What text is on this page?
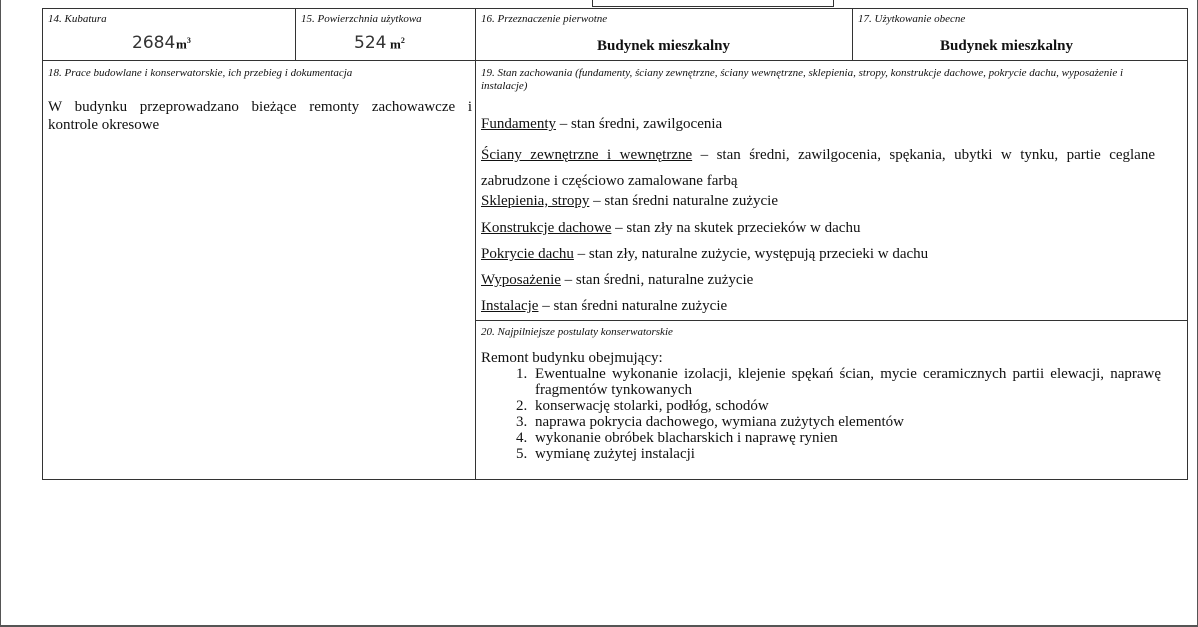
14. Kubatura
2684 $m^3$
15. Powierzchnia użytkowa
524 $m^2$
16. Przeznaczenie pierwotne
Budynek mieszkalny
17. Użytkowanie obecne
Budynek mieszkalny
18. Prace budowlane i konserwatorskie, ich przebieg i dokumentacja
W budynku przeprowadzano bieżące remonty zachowawcze i kontrole okresowe
19. Stan zachowania (fundamenty, ściany zewnętrzne, ściany wewnętrzne, sklepienia, stropy, konstrukcje dachowe, pokrycie dachu, wyposażenie i instalacje)
Fundamenty – stan średni, zawilgocenia
Ściany zewnętrzne i wewnętrzne – stan średni, zawilgocenia, spękania, ubytki w tynku, partie ceglane zabrudzone i częściowo zamalowane farbą
Sklepienia, stropy – stan średni naturalne zużycie
Konstrukcje dachowe – stan zły na skutek przecieków w dachu
Pokrycie dachu – stan zły, naturalne zużycie, występują przecieki w dachu
Wyposażenie – stan średni, naturalne zużycie
Instalacje – stan średni naturalne zużycie
20. Najpilniejsze postulaty konserwatorskie
Remont budynku obejmujący:
1. Ewentualne wykonanie izolacji, klejenie spękań ścian, mycie ceramicznych partii elewacji, naprawę fragmentów tynkowanych
2. konserwację stolarki, podłóg, schodów
3. naprawa pokrycia dachowego, wymiana zużytych elementów
4. wykonanie obróbek blacharskich i naprawę rynien
5. wymianę zużytej instalacji
